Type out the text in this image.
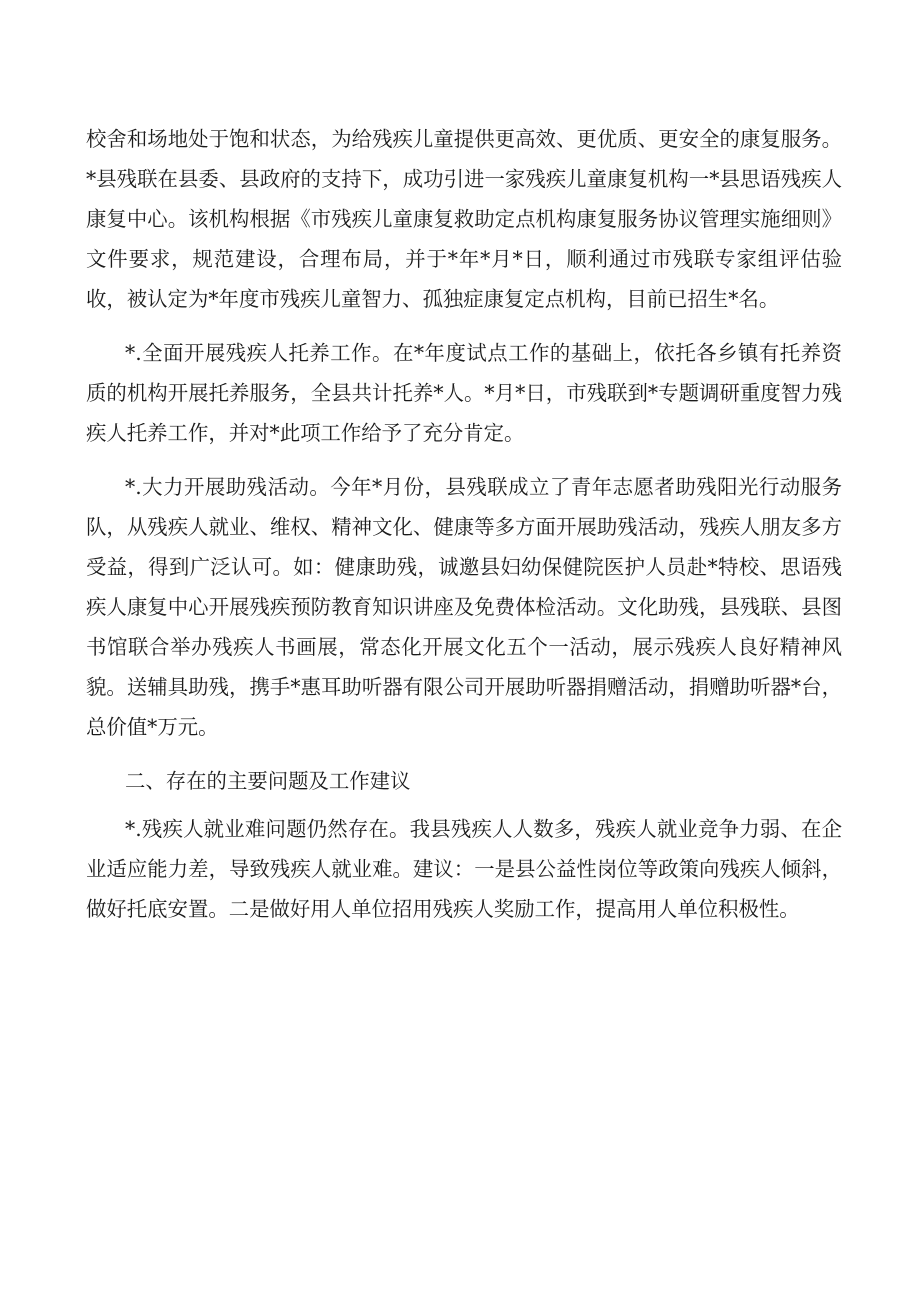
校舍和场地处于饱和状态，为给残疾儿童提供更高效、更优质、更安全的康复服务。*县残联在县委、县政府的支持下，成功引进一家残疾儿童康复机构一*县思语残疾人康复中心。该机构根据《市残疾儿童康复救助定点机构康复服务协议管理实施细则》文件要求，规范建设，合理布局，并于*年*月*日，顺利通过市残联专家组评估验收，被认定为*年度市残疾儿童智力、孤独症康复定点机构，目前已招生*名。

*.全面开展残疾人托养工作。在*年度试点工作的基础上，依托各乡镇有托养资质的机构开展托养服务，全县共计托养*人。*月*日，市残联到*专题调研重度智力残疾人托养工作，并对*此项工作给予了充分肯定。

*.大力开展助残活动。今年*月份，县残联成立了青年志愿者助残阳光行动服务队，从残疾人就业、维权、精神文化、健康等多方面开展助残活动，残疾人朋友多方受益，得到广泛认可。如：健康助残，诚邀县妇幼保健院医护人员赴*特校、思语残疾人康复中心开展残疾预防教育知识讲座及免费体检活动。文化助残，县残联、县图书馆联合举办残疾人书画展，常态化开展文化五个一活动，展示残疾人良好精神风貌。送辅具助残，携手*惠耳助听器有限公司开展助听器捐赠活动，捐赠助听器*台，总价值*万元。

二、存在的主要问题及工作建议

*.残疾人就业难问题仍然存在。我县残疾人人数多，残疾人就业竞争力弱、在企业适应能力差，导致残疾人就业难。建议：一是县公益性岗位等政策向残疾人倾斜，做好托底安置。二是做好用人单位招用残疾人奖励工作，提高用人单位积极性。
